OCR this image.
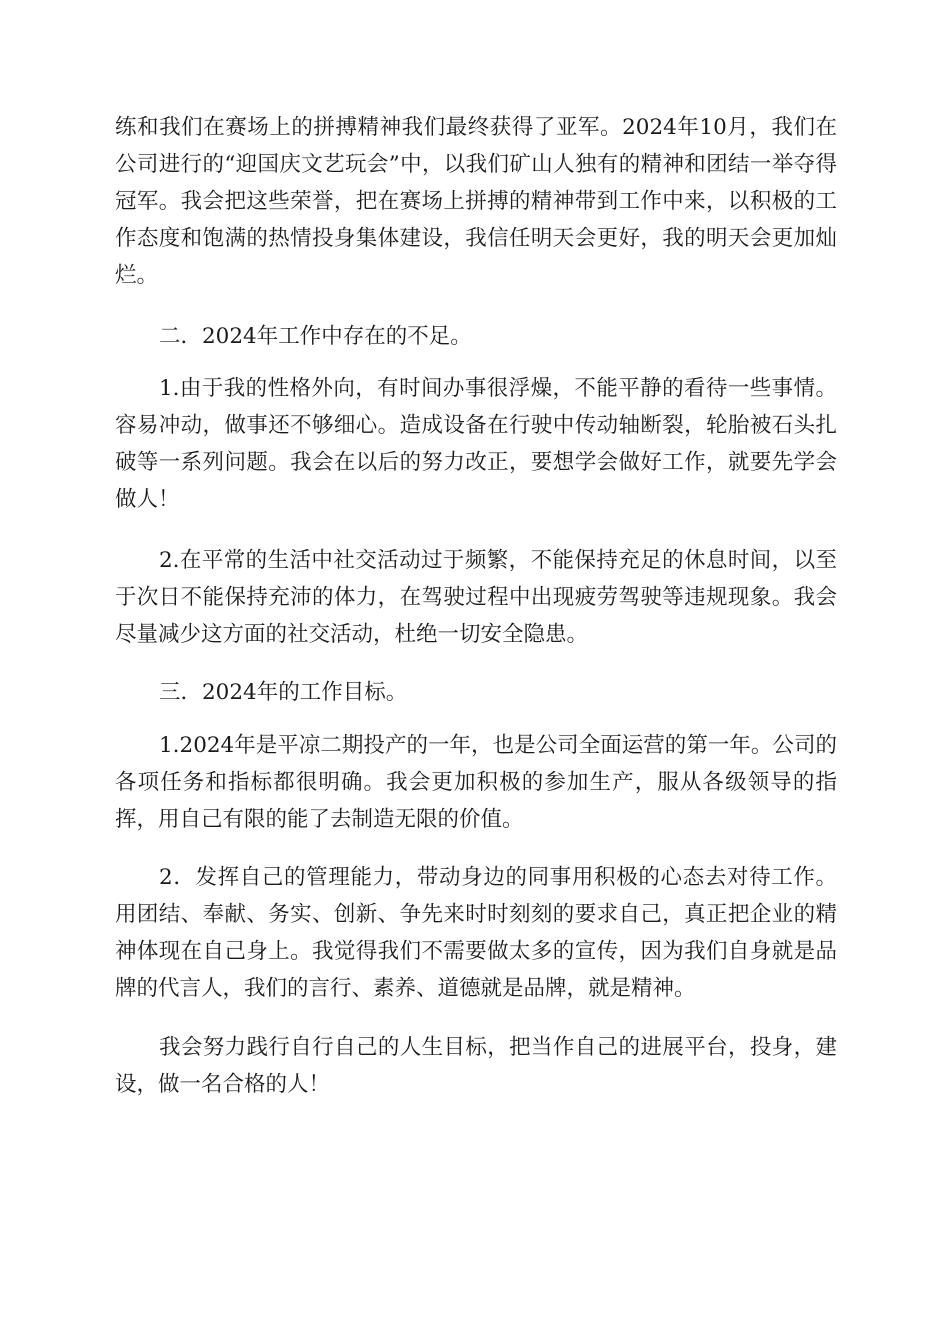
练和我们在赛场上的拼搏精神我们最终获得了亚军。2024年10月，我们在公司进行的“迎国庆文艺玩会”中，以我们矿山人独有的精神和团结一举夺得冠军。我会把这些荣誉，把在赛场上拼搏的精神带到工作中来，以积极的工作态度和饱满的热情投身集体建设，我信任明天会更好，我的明天会更加灿烂。

二．2024年工作中存在的不足。

1.由于我的性格外向，有时间办事很浮燥，不能平静的看待一些事情。容易冲动，做事还不够细心。造成设备在行驶中传动轴断裂，轮胎被石头扎破等一系列问题。我会在以后的努力改正，要想学会做好工作，就要先学会做人！

2.在平常的生活中社交活动过于频繁，不能保持充足的休息时间，以至于次日不能保持充沛的体力，在驾驶过程中出现疲劳驾驶等违规现象。我会尽量减少这方面的社交活动，杜绝一切安全隐患。

三．2024年的工作目标。

1.2024年是平凉二期投产的一年，也是公司全面运营的第一年。公司的各项任务和指标都很明确。我会更加积极的参加生产，服从各级领导的指挥，用自己有限的能了去制造无限的价值。

2．发挥自己的管理能力，带动身边的同事用积极的心态去对待工作。用团结、奉献、务实、创新、争先来时时刻刻的要求自己，真正把企业的精神体现在自己身上。我觉得我们不需要做太多的宣传，因为我们自身就是品牌的代言人，我们的言行、素养、道德就是品牌，就是精神。

我会努力践行自行自己的人生目标，把当作自己的进展平台，投身，建设，做一名合格的人！
